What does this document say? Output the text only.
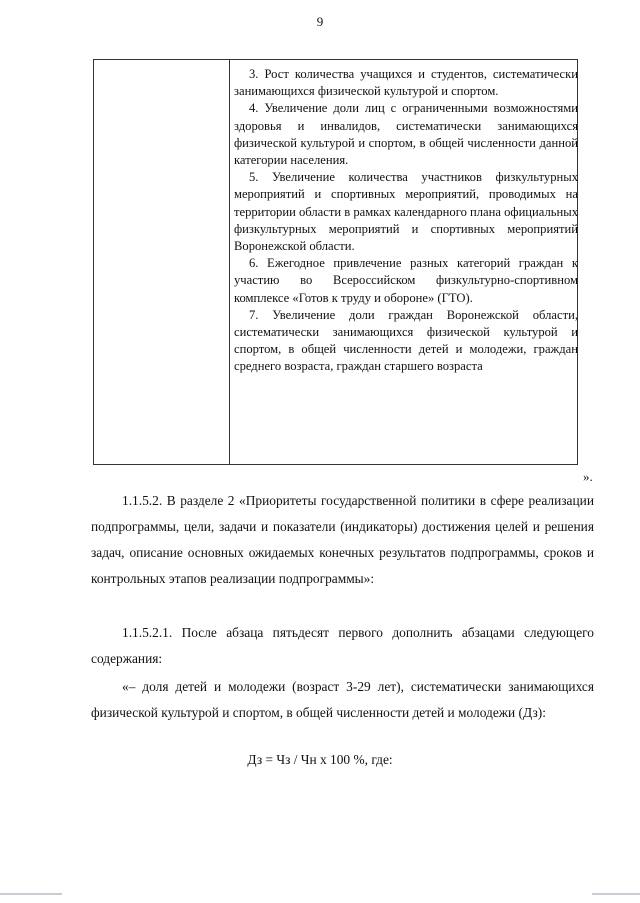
9

3. Рост количества учащихся и студентов, систематически занимающихся физической культурой и спортом.

4. Увеличение доли лиц с ограниченными возможностями здоровья и инвалидов, систематически занимающихся физической культурой и спортом, в общей численности данной категории населения.

5. Увеличение количества участников физкультурных мероприятий и спортивных мероприятий, проводимых на территории области в рамках календарного плана официальных физкультурных мероприятий и спортивных мероприятий Воронежской области.

6. Ежегодное привлечение разных категорий граждан к участию во Всероссийском физкультурно-спортивном комплексе «Готов к труду и обороне» (ГТО).

7. Увеличение доли граждан Воронежской области, систематически занимающихся физической культурой и спортом, в общей численности детей и молодежи, граждан среднего возраста, граждан старшего возраста

».

1.1.5.2. В разделе 2 «Приоритеты государственной политики в сфере реализации подпрограммы, цели, задачи и показатели (индикаторы) достижения целей и решения задач, описание основных ожидаемых конечных результатов подпрограммы, сроков и контрольных этапов реализации подпрограммы»:

1.1.5.2.1. После абзаца пятьдесят первого дополнить абзацами следующего содержания:

«– доля детей и молодежи (возраст 3-29 лет), систематически занимающихся физической культурой и спортом, в общей численности детей и молодежи (Дз):

Дз = Чз / Чн х 100 %, где:
